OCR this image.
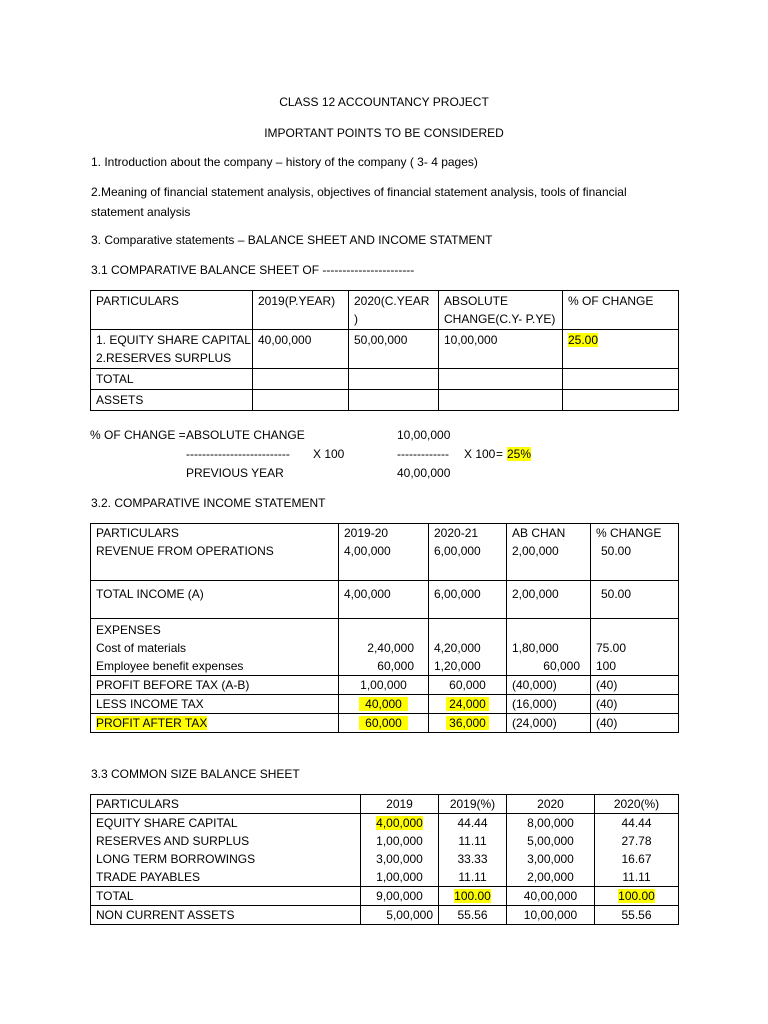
CLASS 12 ACCOUNTANCY PROJECT
IMPORTANT POINTS TO BE CONSIDERED
1. Introduction about the company – history of the company ( 3- 4 pages)
2.Meaning of financial statement analysis, objectives of financial statement analysis, tools of financial
statement analysis
3. Comparative statements – BALANCE SHEET AND INCOME STATMENT
3.1 COMPARATIVE BALANCE SHEET OF -----------------------
PARTICULARS	2019(P.YEAR)	2020(C.YEAR )	ABSOLUTE CHANGE(C.Y- P.YE)	% OF CHANGE

1. EQUITY SHARE CAPITAL
2.RESERVES SURPLUS	40,00,000	50,00,000	10,00,000	25.00
TOTAL				
ASSETS				
% OF CHANGE = ABSOLUTE CHANGE
-------------------------- X 100
PREVIOUS YEAR
10,00,000
------------- X 100 = 25%
40,00,000
3.2. COMPARATIVE INCOME STATEMENT
PARTICULARS	2019-20	2020-21	AB CHAN	% CHANGE
REVENUE FROM OPERATIONS	4,00,000	6,00,000	2,00,000	50.00
TOTAL INCOME (A)	4,00,000	6,00,000	2,00,000	50.00
EXPENSES				
Cost of materials	2,40,000	4,20,000	1,80,000	75.00
Employee benefit expenses	60,000	1,20,000	60,000	100
PROFIT BEFORE TAX (A-B)	1,00,000	60,000	(40,000)	(40)
LESS INCOME TAX	40,000	24,000	(16,000)	(40)
PROFIT AFTER TAX	60,000	36,000	(24,000)	(40)
3.3 COMMON SIZE BALANCE SHEET
PARTICULARS	2019	2019(%)	2020	2020(%)
EQUITY SHARE CAPITAL	4,00,000	44.44	8,00,000	44.44
RESERVES AND SURPLUS	1,00,000	11.11	5,00,000	27.78
LONG TERM BORROWINGS	3,00,000	33.33	3,00,000	16.67
TRADE PAYABLES	1,00,000	11.11	2,00,000	11.11
TOTAL	9,00,000	100.00	40,00,000	100.00
NON CURRENT ASSETS	5,00,000	55.56	10,00,000	55.56
